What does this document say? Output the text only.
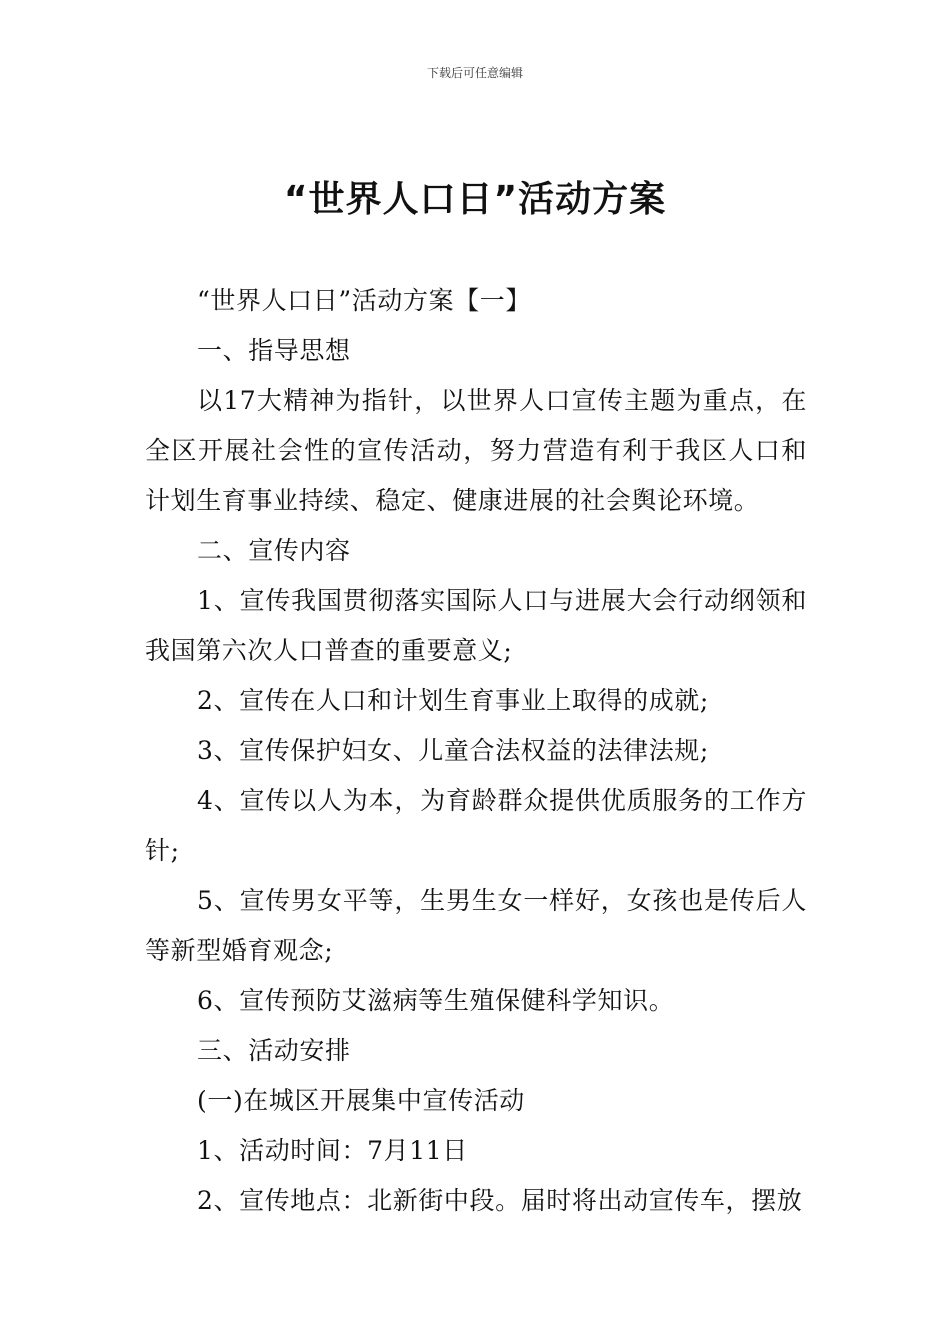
下载后可任意编辑
“世界人口日”活动方案

“世界人口日”活动方案【一】

一、指导思想

以17大精神为指针，以世界人口宣传主题为重点，在全区开展社会性的宣传活动，努力营造有利于我区人口和计划生育事业持续、稳定、健康进展的社会舆论环境。

二、宣传内容

1、宣传我国贯彻落实国际人口与进展大会行动纲领和我国第六次人口普查的重要意义;

2、宣传在人口和计划生育事业上取得的成就;

3、宣传保护妇女、儿童合法权益的法律法规;

4、宣传以人为本，为育龄群众提供优质服务的工作方针;

5、宣传男女平等，生男生女一样好，女孩也是传后人等新型婚育观念;

6、宣传预防艾滋病等生殖保健科学知识。

三、活动安排

(一)在城区开展集中宣传活动

1、活动时间：7月11日

2、宣传地点：北新街中段。届时将出动宣传车，摆放
